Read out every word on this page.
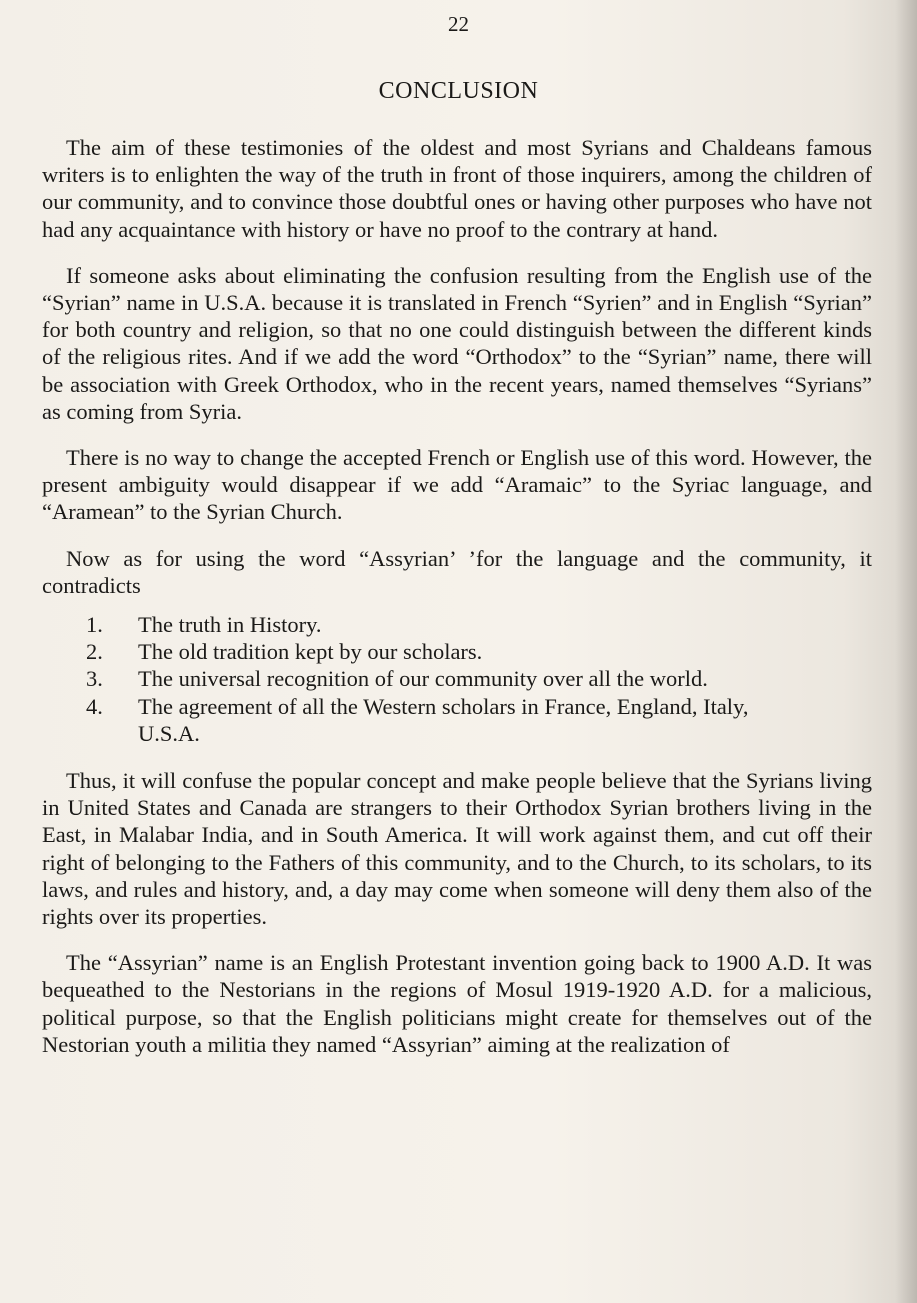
22
CONCLUSION

The aim of these testimonies of the oldest and most Syrians and Chaldeans famous writers is to enlighten the way of the truth in front of those inquirers, among the children of our community, and to convince those doubtful ones or having other purposes who have not had any acquaintance with history or have no proof to the contrary at hand.

If someone asks about eliminating the confusion resulting from the English use of the “Syrian” name in U.S.A. because it is translated in French “Syrien” and in English “Syrian” for both country and religion, so that no one could distinguish between the different kinds of the religious rites. And if we add the word “Orthodox” to the “Syrian” name, there will be association with Greek Orthodox, who in the recent years, named themselves “Syrians” as coming from Syria.

There is no way to change the accepted French or English use of this word. However, the present ambiguity would disappear if we add “Aramaic” to the Syriac language, and “Aramean” to the Syrian Church.

Now as for using the word “Assyrian’ ’for the language and the community, it contradicts

1.	The truth in History.
2.	The old tradition kept by our scholars.
3.	The universal recognition of our community over all the world.
4.	The agreement of all the Western scholars in France, England, Italy, U.S.A.

Thus, it will confuse the popular concept and make people believe that the Syrians living in United States and Canada are strangers to their Orthodox Syrian brothers living in the East, in Malabar India, and in South America. It will work against them, and cut off their right of belonging to the Fathers of this community, and to the Church, to its scholars, to its laws, and rules and history, and, a day may come when someone will deny them also of the rights over its properties.

The “Assyrian” name is an English Protestant invention going back to 1900 A.D. It was bequeathed to the Nestorians in the regions of Mosul 1919-1920 A.D. for a malicious, political purpose, so that the English politicians might create for themselves out of the Nestorian youth a militia they named “Assyrian” aiming at the realization of
